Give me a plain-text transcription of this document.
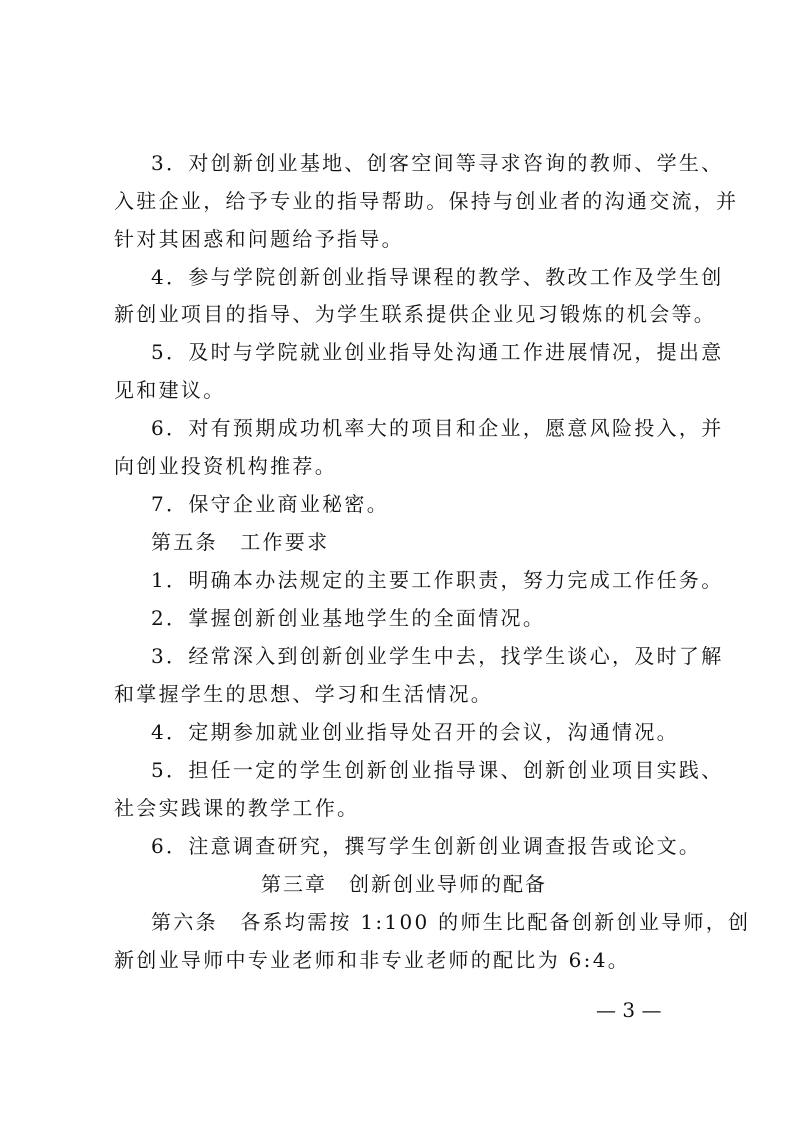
3．对创新创业基地、创客空间等寻求咨询的教师、学生、
入驻企业，给予专业的指导帮助。保持与创业者的沟通交流，并
针对其困惑和问题给予指导。
4．参与学院创新创业指导课程的教学、教改工作及学生创
新创业项目的指导、为学生联系提供企业见习锻炼的机会等。
5．及时与学院就业创业指导处沟通工作进展情况，提出意
见和建议。
6．对有预期成功机率大的项目和企业，愿意风险投入，并
向创业投资机构推荐。
7．保守企业商业秘密。
第五条　工作要求
1．明确本办法规定的主要工作职责，努力完成工作任务。
2．掌握创新创业基地学生的全面情况。
3．经常深入到创新创业学生中去，找学生谈心，及时了解
和掌握学生的思想、学习和生活情况。
4．定期参加就业创业指导处召开的会议，沟通情况。
5．担任一定的学生创新创业指导课、创新创业项目实践、
社会实践课的教学工作。
6．注意调查研究，撰写学生创新创业调查报告或论文。
第三章　创新创业导师的配备
第六条　各系均需按 1:100 的师生比配备创新创业导师，创
新创业导师中专业老师和非专业老师的配比为 6:4。
— 3 —
